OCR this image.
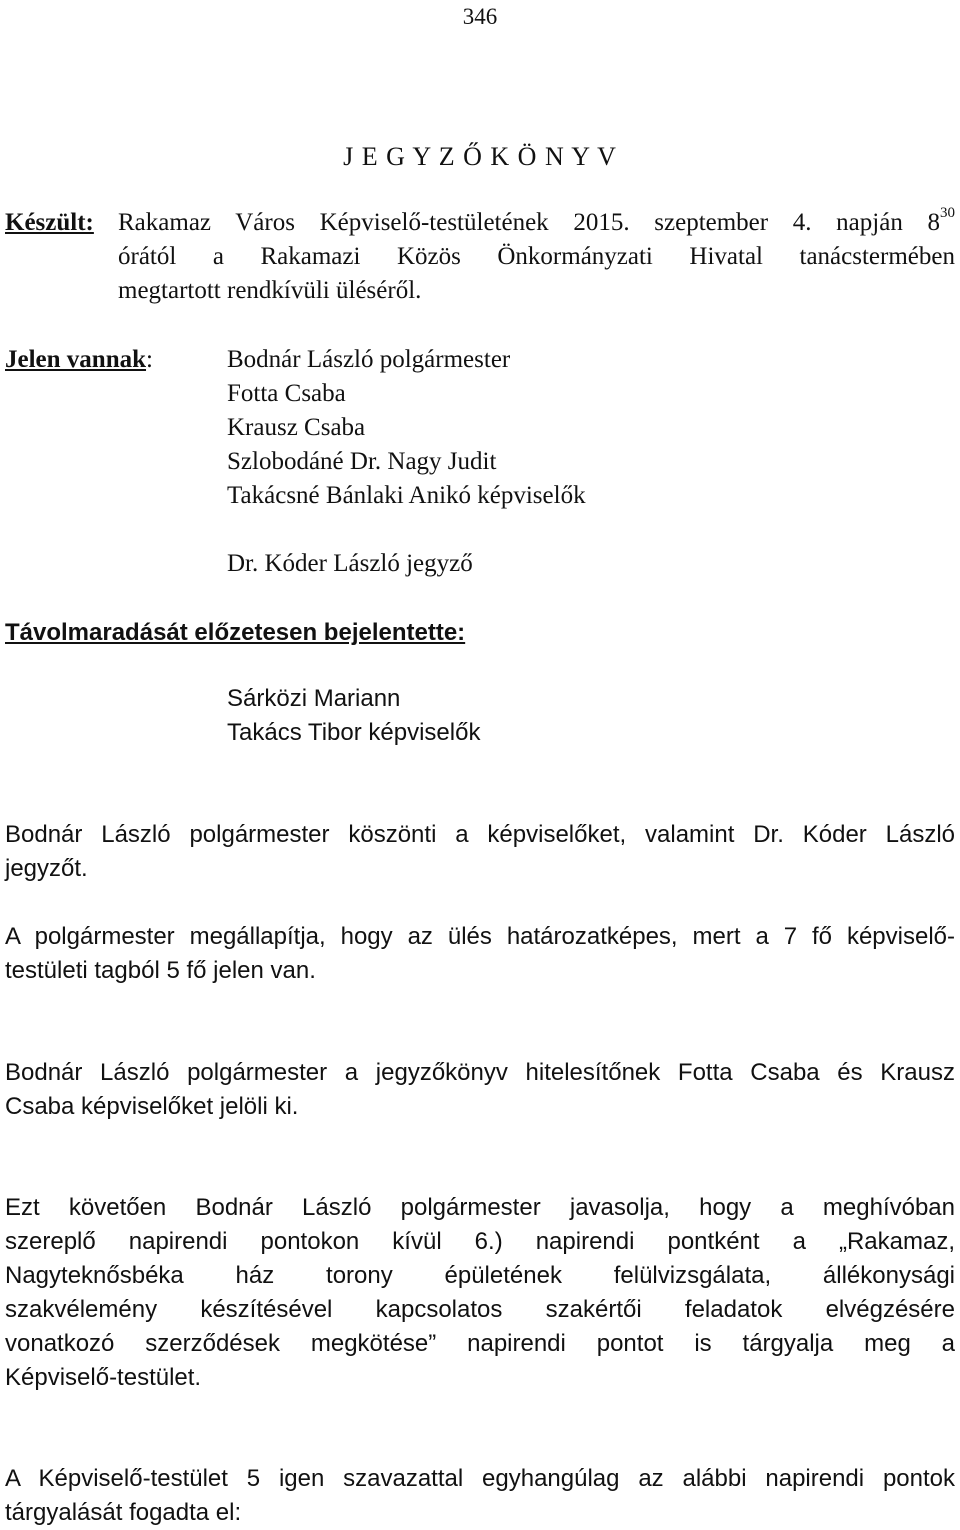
346
J E G Y Z Ő K Ö N Y V
Készült: Rakamaz Város Képviselő-testületének 2015. szeptember 4. napján $8^{30}$
órától a Rakamazi Közös Önkormányzati Hivatal tanácstermében
megtartott rendkívüli üléséről.
Jelen vannak:	Bodnár László polgármester
Fotta Csaba
Krausz Csaba
Szlobodáné Dr. Nagy Judit
Takácsné Bánlaki Anikó képviselők
Dr. Kóder László jegyző
Távolmaradását előzetesen bejelentette:
Sárközi Mariann
Takács Tibor képviselők
Bodnár László polgármester köszönti a képviselőket, valamint Dr. Kóder László
jegyzőt.
A polgármester megállapítja, hogy az ülés határozatképes, mert a 7 fő képviselő-
testületi tagból 5 fő jelen van.
Bodnár László polgármester a jegyzőkönyv hitelesítőnek Fotta Csaba és Krausz
Csaba képviselőket jelöli ki.
Ezt követően Bodnár László polgármester javasolja, hogy a meghívóban
szereplő napirendi pontokon kívül 6.) napirendi pontként a „Rakamaz,
Nagyteknősbéka ház torony épületének felülvizsgálata, állékonysági
szakvélemény készítésével kapcsolatos szakértői feladatok elvégzésére
vonatkozó szerződések megkötése” napirendi pontot is tárgyalja meg a
Képviselő-testület.
A Képviselő-testület 5 igen szavazattal egyhangúlag az alábbi napirendi pontok
tárgyalását fogadta el:
